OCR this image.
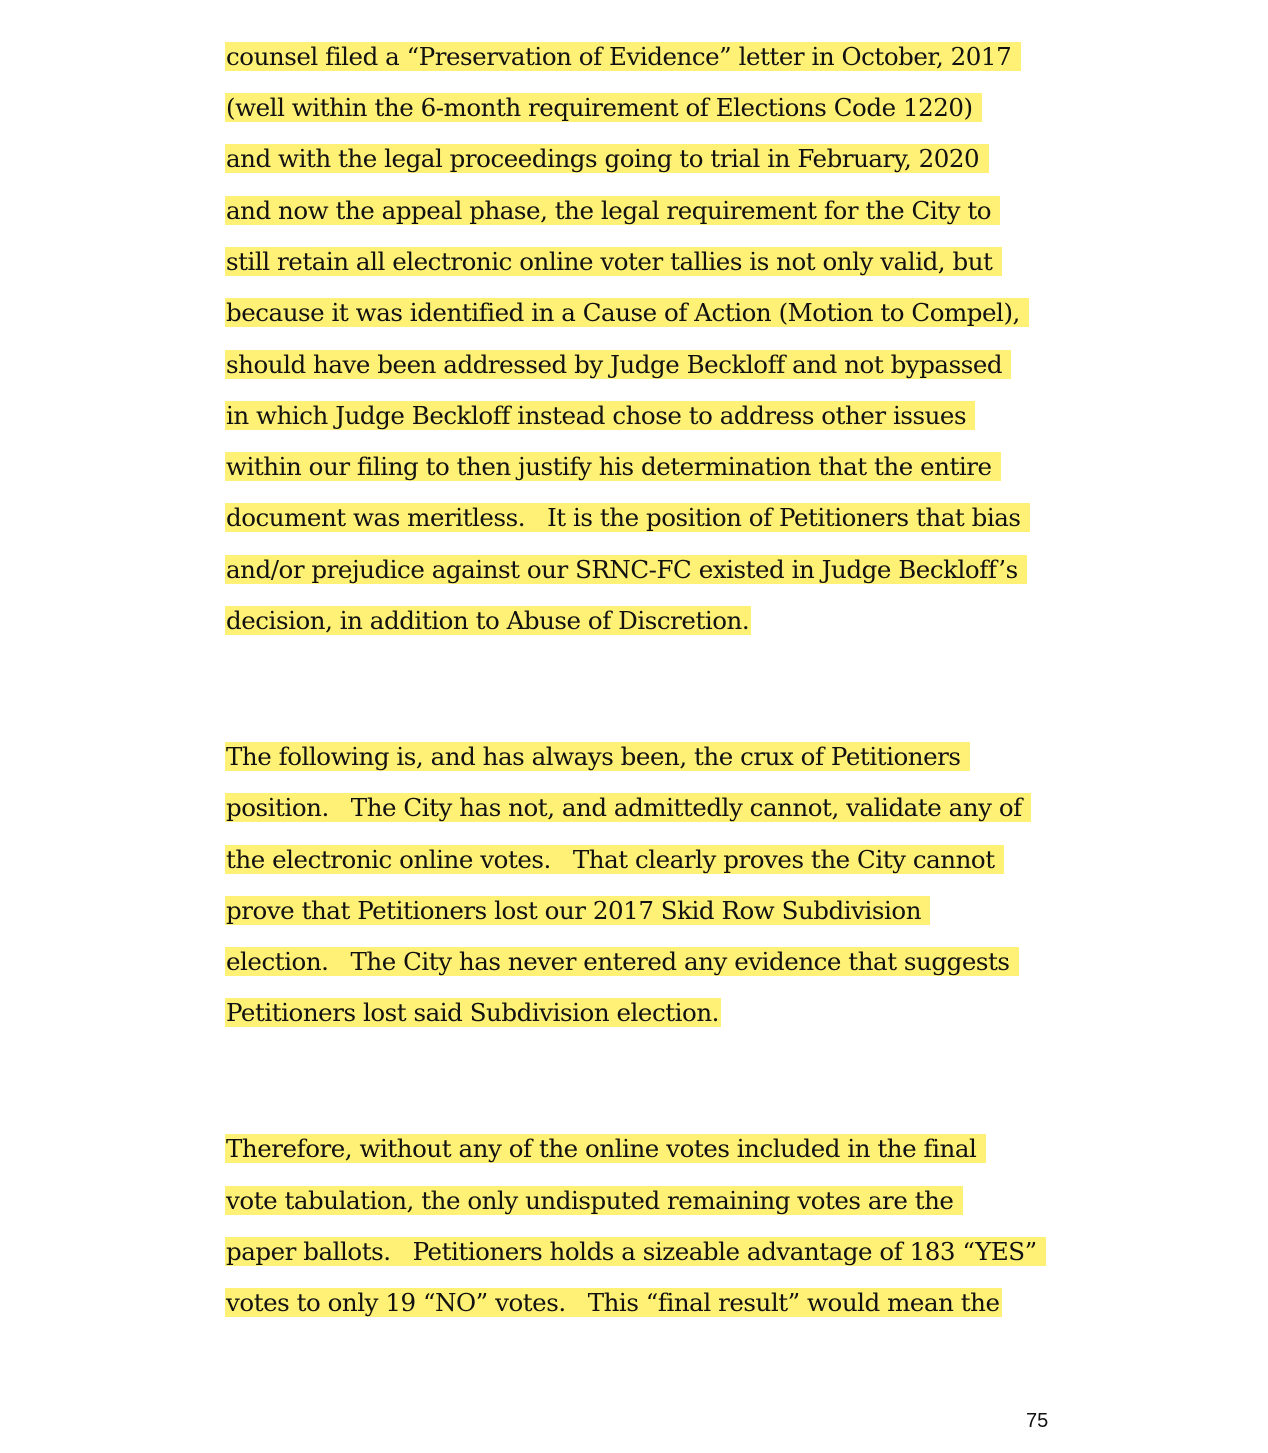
counsel filed a “Preservation of Evidence” letter in October, 2017
(well within the 6-month requirement of Elections Code 1220)
and with the legal proceedings going to trial in February, 2020
and now the appeal phase, the legal requirement for the City to
still retain all electronic online voter tallies is not only valid, but
because it was identified in a Cause of Action (Motion to Compel),
should have been addressed by Judge Beckloff and not bypassed
in which Judge Beckloff instead chose to address other issues
within our filing to then justify his determination that the entire
document was meritless.   It is the position of Petitioners that bias
and/or prejudice against our SRNC-FC existed in Judge Beckloff’s
decision, in addition to Abuse of Discretion.
The following is, and has always been, the crux of Petitioners
position.   The City has not, and admittedly cannot, validate any of
the electronic online votes.   That clearly proves the City cannot
prove that Petitioners lost our 2017 Skid Row Subdivision
election.   The City has never entered any evidence that suggests
Petitioners lost said Subdivision election.
Therefore, without any of the online votes included in the final
vote tabulation, the only undisputed remaining votes are the
paper ballots.   Petitioners holds a sizeable advantage of 183 “YES”
votes to only 19 “NO” votes.   This “final result” would mean the
75
